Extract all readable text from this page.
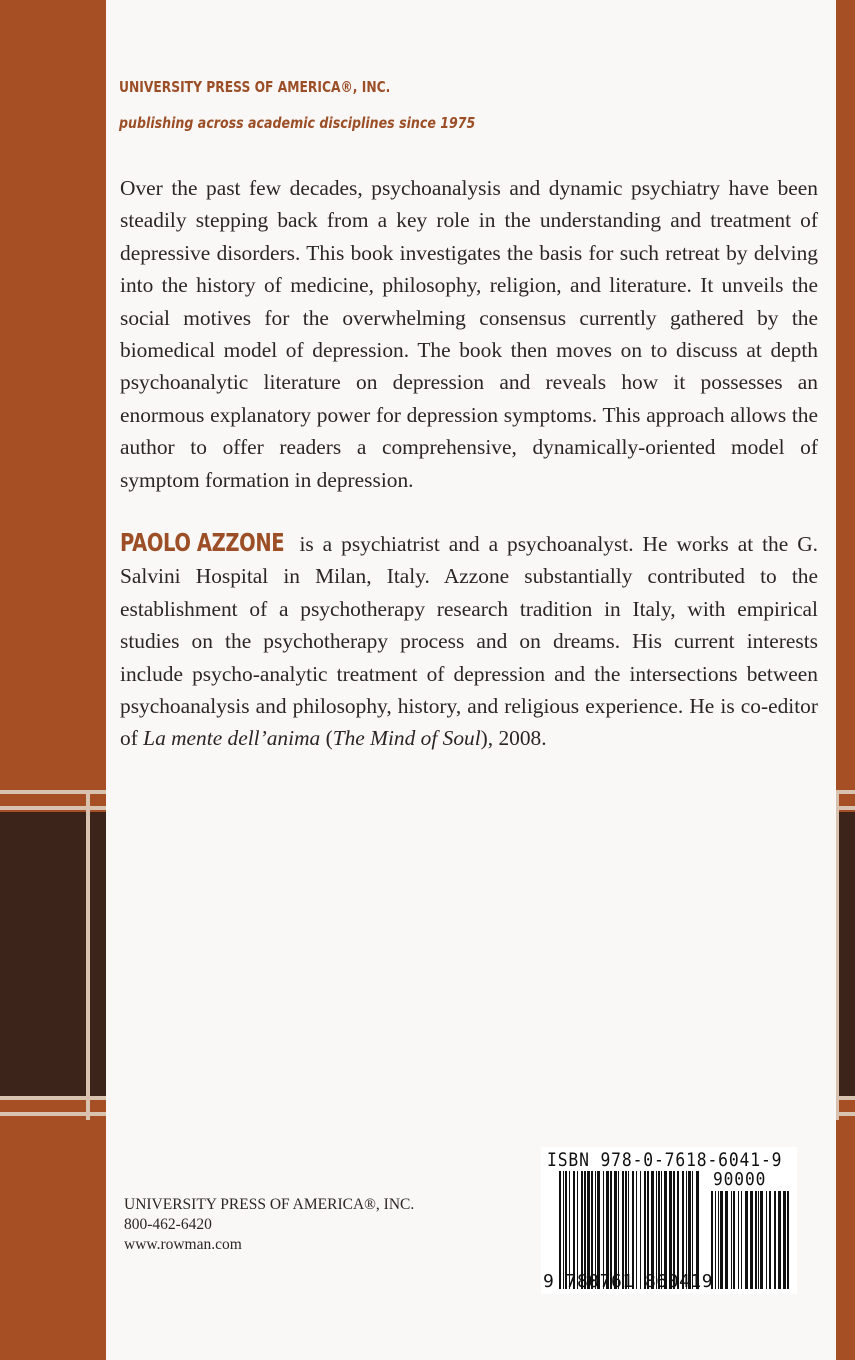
UNIVERSITY PRESS OF AMERICA®, INC.
publishing across academic disciplines since 1975

Over the past few decades, psychoanalysis and dynamic psychiatry have been steadily stepping back from a key role in the understanding and treatment of depressive disorders. This book investigates the basis for such retreat by delving into the history of medicine, philosophy, religion, and literature. It unveils the social motives for the overwhelming consensus currently gathered by the biomedical model of depression. The book then moves on to discuss at depth psychoanalytic literature on depression and reveals how it possesses an enormous explanatory power for depression symptoms. This approach allows the author to offer readers a comprehensive, dynamically-oriented model of symptom formation in depression.

PAOLO AZZONE is a psychiatrist and a psychoanalyst. He works at the G. Salvini Hospital in Milan, Italy. Azzone substantially contributed to the establishment of a psychotherapy research tradition in Italy, with empirical studies on the psychotherapy process and on dreams. His current interests include psycho-analytic treatment of depression and the intersections between psychoanalysis and philosophy, history, and religious experience. He is co-editor of La mente dell’anima (The Mind of Soul), 2008.

UNIVERSITY PRESS OF AMERICA®, INC.
800-462-6420
www.rowman.com
ISBN 978-0-7618-6041-9
90000
9 780761 860419
